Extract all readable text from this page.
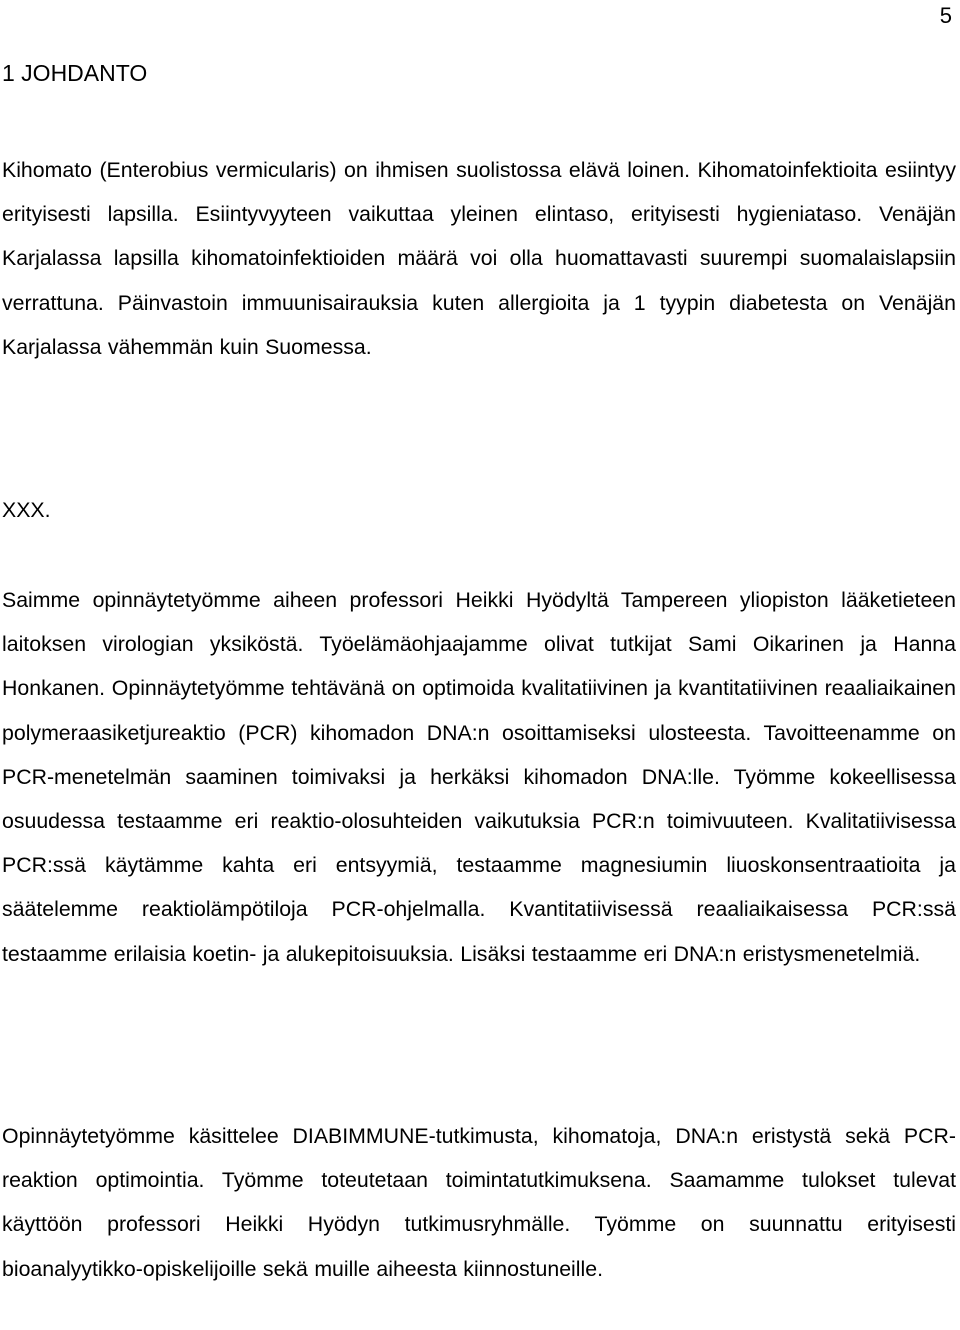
5
1 JOHDANTO

Kihomato (Enterobius vermicularis) on ihmisen suolistossa elävä loinen. Kihomatoinfektioita esiintyy erityisesti lapsilla. Esiintyvyyteen vaikuttaa yleinen elintaso, erityisesti hygieniataso. Venäjän Karjalassa lapsilla kihomatoinfektioiden määrä voi olla huomattavasti suurempi suomalaislapsiin verrattuna. Päinvastoin immuunisairauksia kuten allergioita ja 1 tyypin diabetesta on Venäjän Karjalassa vähemmän kuin Suomessa.

XXX.

Saimme opinnäytetyömme aiheen professori Heikki Hyödyltä Tampereen yliopiston lääketieteen laitoksen virologian yksiköstä. Työelämäohjaajamme olivat tutkijat Sami Oikarinen ja Hanna Honkanen. Opinnäytetyömme tehtävänä on optimoida kvalitatiivinen ja kvantitatiivinen reaaliaikainen polymeraasiketjureaktio (PCR) kihomadon DNA:n osoittamiseksi ulosteesta. Tavoitteenamme on PCR-menetelmän saaminen toimivaksi ja herkäksi kihomadon DNA:lle. Työmme kokeellisessa osuudessa testaamme eri reaktio-olosuhteiden vaikutuksia PCR:n toimivuuteen. Kvalitatiivisessa PCR:ssä käytämme kahta eri entsyymiä, testaamme magnesiumin liuoskonsentraatioita ja säätelemme reaktiolämpötiloja PCR-ohjelmalla. Kvantitatiivisessä reaaliaikaisessa PCR:ssä testaamme erilaisia koetin- ja alukepitoisuuksia. Lisäksi testaamme eri DNA:n eristysmenetelmiä.

Opinnäytetyömme käsittelee DIABIMMUNE-tutkimusta, kihomatoja, DNA:n eristystä sekä PCR-reaktion optimointia. Työmme toteutetaan toimintatutkimuksena. Saamamme tulokset tulevat käyttöön professori Heikki Hyödyn tutkimusryhmälle. Työmme on suunnattu erityisesti bioanalyytikko-opiskelijoille sekä muille aiheesta kiinnostuneille.
